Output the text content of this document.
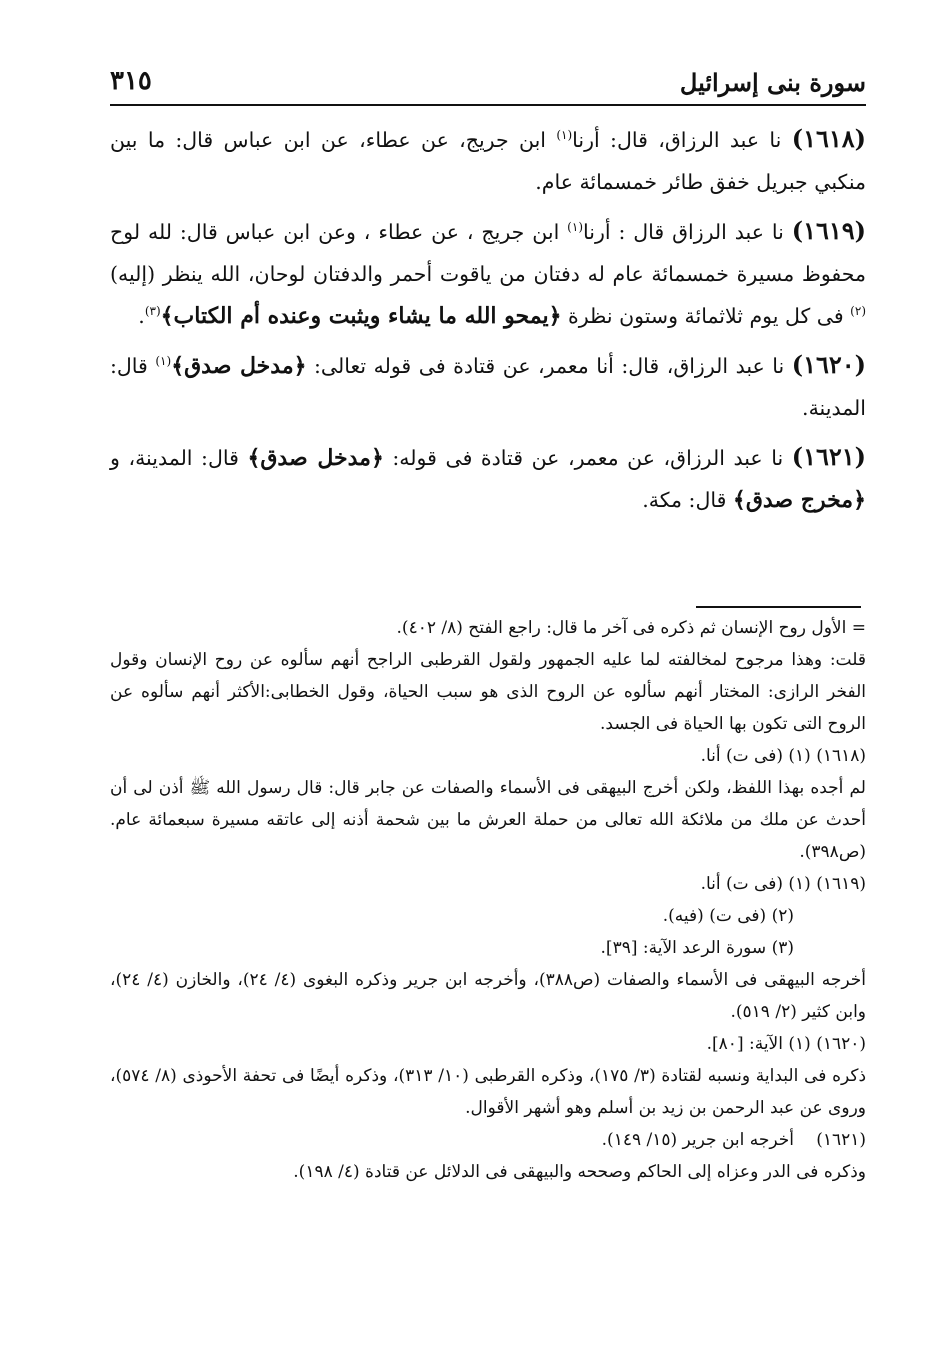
سورة بنى إسرائيل
٣١٥

(١٦١٨) نا عبد الرزاق، قال: أرنا$^{(١)}$ ابن جريج، عن عطاء، عن ابن عباس قال: ما بين منكبي جبريل خفق طائر خمسمائة عام.

(١٦١٩) نا عبد الرزاق قال : أرنا$^{(١)}$ ابن جريج ، عن عطاء ، وعن ابن عباس قال: لله لوح محفوظ مسيرة خمسمائة عام له دفتان من ياقوت أحمر والدفتان لوحان، الله ينظر (إليه)$^{(٢)}$ فى كل يوم ثلاثمائة وستون نظرة ﴿يمحو الله ما يشاء ويثبت وعنده أم الكتاب﴾$^{(٣)}$.

(١٦٢٠) نا عبد الرزاق، قال: أنا معمر، عن قتادة فى قوله تعالى: ﴿مدخل صدق﴾$^{(١)}$ قال: المدينة.

(١٦٢١) نا عبد الرزاق، عن معمر، عن قتادة فى قوله: ﴿مدخل صدق﴾ قال: المدينة، و ﴿مخرج صدق﴾ قال: مكة.

= الأول روح الإنسان ثم ذكره فى آخر ما قال: راجع الفتح (٨/ ٤٠٢).

قلت: وهذا مرجوح لمخالفته لما عليه الجمهور ولقول القرطبى الراجح أنهم سألوه عن روح الإنسان وقول الفخر الرازى: المختار أنهم سألوه عن الروح الذى هو سبب الحياة، وقول الخطابى:الأكثر أنهم سألوه عن الروح التى تكون بها الحياة فى الجسد.

(١٦١٨) (١) (فى ت) أنا.

لم أجده بهذا اللفظ، ولكن أخرج البيهقى فى الأسماء والصفات عن جابر قال: قال رسول الله ﷺ أذن لى أن أحدث عن ملك من ملائكة الله تعالى من حملة العرش ما بين شحمة أذنه إلى عاتقه مسيرة سبعمائة عام. (ص٣٩٨).

(١٦١٩) (١) (فى ت) أنا.

(٢) (فى ت) (فيه).

(٣) سورة الرعد الآية: [٣٩].

أخرجه البيهقى فى الأسماء والصفات (ص٣٨٨)، وأخرجه ابن جرير وذكره البغوى (٤/ ٢٤)، والخازن (٤/ ٢٤)، وابن كثير (٢/ ٥١٩).

(١٦٢٠) (١) الآية: [٨٠].

ذكره فى البداية ونسبه لقتادة (٣/ ١٧٥)، وذكره القرطبى (١٠/ ٣١٣)، وذكره أيضًا فى تحفة الأحوذى (٨/ ٥٧٤)، وروى عن عبد الرحمن بن زيد بن أسلم وهو أشهر الأقوال.

(١٦٢١)
أخرجه ابن جرير (١٥/ ١٤٩).

وذكره فى الدر وعزاه إلى الحاكم وصححه والبيهقى فى الدلائل عن قتادة (٤/ ١٩٨).
